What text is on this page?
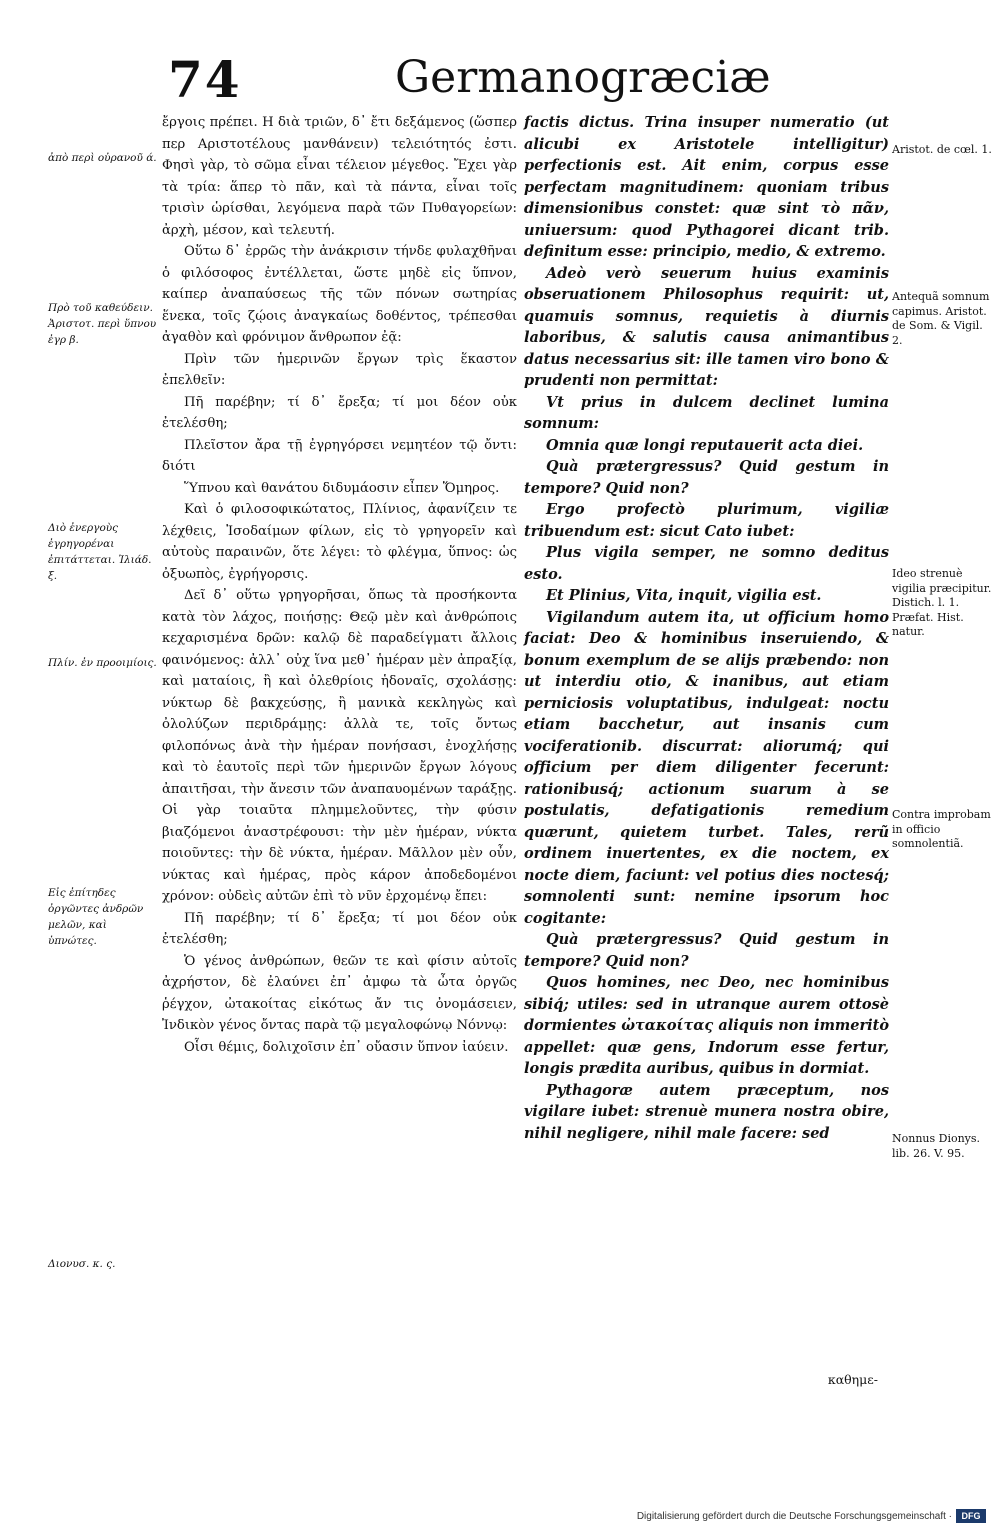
74	Germanogræciæ
ἀπὸ περὶ οὐρανοῦ ά.
Πρὸ τοῦ καθεύδειν. Ἀριστοτ. περὶ ὕπνου ἐγρ β.
Διὸ ἐνεργοὺς ἐγρηγορέναι ἐπιτάττεται. Ἰλιάδ. ξ.
Πλίν. ἐν προοιμίοις.
Εἰς ἐπίτηδες ὀργῶντες ἀνδρῶν μελῶν, καὶ ὑπνώτες.
Διονυσ. κ. ς.

ἔργοις πρέπει. Η διὰ τριῶν, δ᾽ ἔτι δεξάμενος (ὥσπερ περ Αριστοτέλους μανθάνειν) τελειότητός ἐστι. Φησὶ γὰρ, τὸ σῶμα εἶναι τέλειον μέγεθος. Ἔχει γὰρ τὰ τρία: ἅπερ τὸ πᾶν, καὶ τὰ πάντα, εἶναι τοῖς τρισὶν ὡρίσθαι, λεγόμενα παρὰ τῶν Πυθαγορείων: ἀρχὴ, μέσον, καὶ τελευτή.

Οὕτω δ᾽ ἐρρῶς τὴν ἀνάκρισιν τήνδε φυλαχθῆναι ὁ φιλόσοφος ἐντέλλεται, ὥστε μηδὲ εἰς ὕπνον, καίπερ ἀναπαύσεως τῆς τῶν πόνων σωτηρίας ἕνεκα, τοῖς ζῴοις ἀναγκαίως δοθέντος, τρέπεσθαι ἀγαθὸν καὶ φρόνιμον ἄνθρωπον ἐᾷ:

Πρὶν τῶν ἡμερινῶν ἔργων τρὶς ἕκαστον ἐπελθεῖν:

Πῆ παρέβην; τί δ᾽ ἔρεξα; τί μοι δέον οὐκ ἐτελέσθη;

Πλεῖστον ἄρα τῇ ἐγρηγόρσει νεμητέον τῷ ὄντι: διότι

Ὕπνου καὶ θανάτου διδυμάοσιν εἶπεν Ὅμηρος.

Καὶ ὁ φιλοσοφικώτατος, Πλίνιος, ἀφανίζειν τε λέχθεις, Ἰσοδαίμων φίλων, εἰς τὸ γρηγορεῖν καὶ αὐτοὺς παραινῶν, ὅτε λέγει: τὸ φλέγμα, ὕπνος: ὡς ὀξυωπὸς, ἐγρήγορσις.

Δεῖ δ᾽ οὕτω γρηγορῆσαι, ὅπως τὰ προσήκοντα κατὰ τὸν λάχος, ποιήσῃς: Θεῷ μὲν καὶ ἀνθρώποις κεχαρισμένα δρῶν: καλῷ δὲ παραδείγματι ἄλλοις φαινόμενος: ἀλλ᾽ οὐχ ἵνα μεθ᾽ ἡμέραν μὲν ἀπραξίᾳ, καὶ ματαίοις, ἢ καὶ ὀλεθρίοις ἡδοναῖς, σχολάσῃς: νύκτωρ δὲ βακχεύσῃς, ἢ μανικὰ κεκληγὼς καὶ ὀλολύζων περιδράμῃς: ἀλλὰ τε, τοῖς ὄντως φιλοπόνως ἀνὰ τὴν ἡμέραν πονήσασι, ἐνοχλήσῃς καὶ τὸ ἑαυτοῖς περὶ τῶν ἡμερινῶν ἔργων λόγους ἀπαιτῆσαι, τὴν ἄνεσιν τῶν ἀναπαυομένων ταράξῃς. Οἱ γὰρ τοιαῦτα πλημμελοῦντες, τὴν φύσιν βιαζόμενοι ἀναστρέφουσι: τὴν μὲν ἡμέραν, νύκτα ποιοῦντες: τὴν δὲ νύκτα, ἡμέραν. Μᾶλλον μὲν οὖν, νύκτας καὶ ἡμέρας, πρὸς κάρον ἀποδεδομένοι χρόνον: οὐδεὶς αὐτῶν ἐπὶ τὸ νῦν ἐρχομένῳ ἔπει:

Πῆ παρέβην; τί δ᾽ ἔρεξα; τί μοι δέον οὐκ ἐτελέσθη;

Ὁ γένος ἀνθρώπων, θεῶν τε καὶ φίσιν αὐτοῖς ἀχρήστον, δὲ ἐλαύνει ἐπ᾽ ἀμφω τὰ ὦτα ὀργῶς ῥέγχον, ὠτακοίτας εἰκότως ἄν τις ὀνομάσειεν, Ἰνδικὸν γένος ὄντας παρὰ τῷ μεγαλοφώνῳ Νόννῳ:

Οἷσι θέμις, δολιχοῖσιν ἐπ᾽ οὔασιν ὕπνον ἰαύειν.

factis dictus. Trina insuper numeratio (ut alicubi ex Aristotele intelligitur) perfectionis est. Ait enim, corpus esse perfectam magnitudinem: quoniam tribus dimensionibus constet: quæ sint τὸ πᾶν, uniuersum: quod Pythagorei dicant trib. definitum esse: principio, medio, & extremo.

Adeò verò seuerum huius examinis obseruationem Philosophus requirit: ut, quamuis somnus, requietis à diurnis laboribus, & salutis causa animantibus datus necessarius sit: ille tamen viro bono & prudenti non permittat:

Vt prius in dulcem declinet lumina somnum:

Omnia quæ longi reputauerit acta diei.

Quà prætergressus? Quid gestum in tempore? Quid non?

Ergo profectò plurimum, vigiliæ tribuendum est: sicut Cato iubet:

Plus vigila semper, ne somno deditus esto.

Et Plinius, Vita, inquit, vigilia est.

Vigilandum autem ita, ut officium homo faciat: Deo & hominibus inseruiendo, & bonum exemplum de se alijs præbendo: non ut interdiu otio, & inanibus, aut etiam perniciosis voluptatibus, indulgeat: noctu etiam bacchetur, aut insanis cum vociferationib. discurrat: aliorumq́; qui officium per diem diligenter fecerunt: rationibusq́; actionum suarum à se postulatis, defatigationis remedium quærunt, quietem turbet. Tales, rerũ ordinem inuertentes, ex die noctem, ex nocte diem, faciunt: vel potius dies noctesq́; somnolenti sunt: nemine ipsorum hoc cogitante:

Quà prætergressus? Quid gestum in tempore? Quid non?

Quos homines, nec Deo, nec hominibus sibiq́; utiles: sed in utranque aurem ottosè dormientes ὠτακοίτας aliquis non immeritò appellet: quæ gens, Indorum esse fertur, longis prædita auribus, quibus in dormiat.

Pythagoræ autem præceptum, nos vigilare iubet: strenuè munera nostra obire, nihil negligere, nihil male facere: sed

Aristot. de cœl. 1.
Antequã somnum capimus. Aristot. de Som. & Vigil. 2.
Ideo strenuè vigilia præcipitur. Distich. l. 1. Præfat. Hist. natur.
Contra improbam in officio somnolentiã.
Nonnus Dionys. lib. 26. V. 95.
καθημε-
Digitalisierung gefördert durch die Deutsche Forschungsgemeinschaft ·	DFG
